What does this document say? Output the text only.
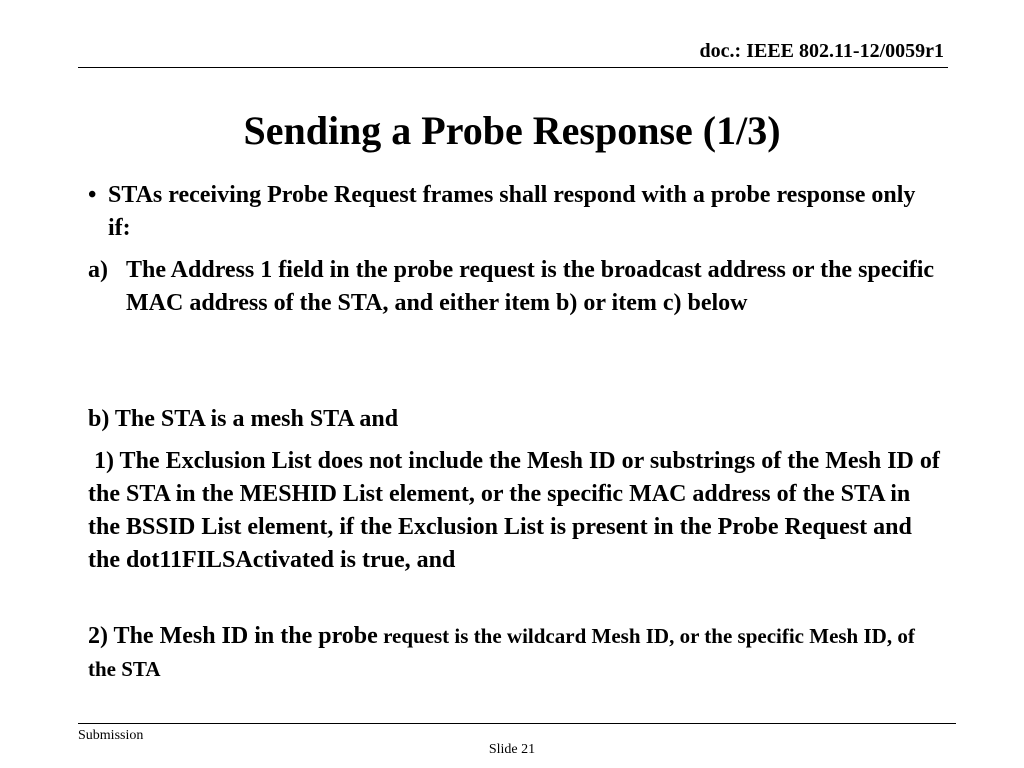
doc.: IEEE 802.11-12/0059r1
Sending a Probe Response (1/3)
• STAs receiving Probe Request frames shall respond with a probe response only if:
a) The Address 1 field in the probe request is the broadcast address or the specific MAC address of the STA, and either item b) or item c) below
b) The STA is a mesh STA and
1) The Exclusion List does not include the Mesh ID or substrings of the Mesh ID of the STA in the MESHID List element, or the specific MAC address of the STA in the BSSID List element, if the Exclusion List is present in the Probe Request and the dot11FILSActivated is true, and
2) The Mesh ID in the probe request is the wildcard Mesh ID, or the specific Mesh ID, of the STA
Submission
Slide 21
